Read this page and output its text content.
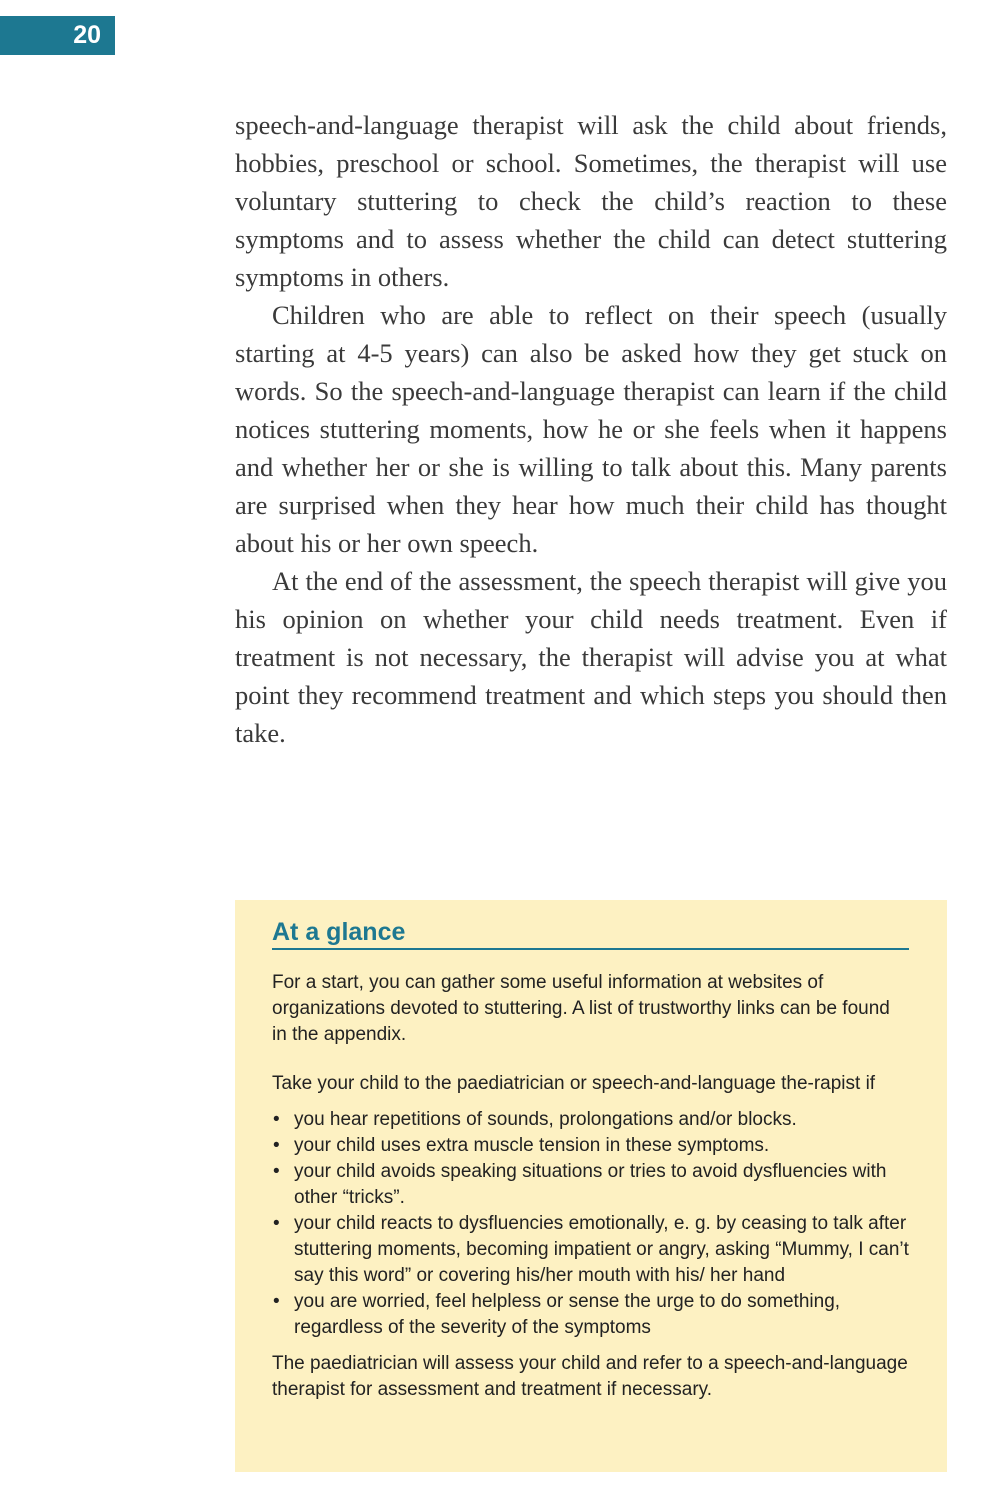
20

speech-and-language therapist will ask the child about friends, hobbies, preschool or school. Sometimes, the therapist will use voluntary stuttering to check the child’s reaction to these symptoms and to assess whether the child can detect stuttering symptoms in others.

Children who are able to reflect on their speech (usually starting at 4-5 years) can also be asked how they get stuck on words. So the speech-and-language therapist can learn if the child notices stuttering moments, how he or she feels when it happens and whether her or she is willing to talk about this. Many parents are surprised when they hear how much their child has thought about his or her own speech.

At the end of the assessment, the speech therapist will give you his opinion on whether your child needs treatment. Even if treatment is not necessary, the therapist will advise you at what point they recommend treatment and which steps you should then take.

At a glance

For a start, you can gather some useful information at websites of organizations devoted to stuttering. A list of trustworthy links can be found in the appendix.

Take your child to the paediatrician or speech-and-language the-rapist if

• you hear repetitions of sounds, prolongations and/or blocks.
• your child uses extra muscle tension in these symptoms.
• your child avoids speaking situations or tries to avoid dysfluencies with other “tricks”.
• your child reacts to dysfluencies emotionally, e. g. by ceasing to talk after stuttering moments, becoming impatient or angry, asking “Mummy, I can’t say this word” or covering his/her mouth with his/ her hand
• you are worried, feel helpless or sense the urge to do something, regardless of the severity of the symptoms

The paediatrician will assess your child and refer to a speech-and-language therapist for assessment and treatment if necessary.
